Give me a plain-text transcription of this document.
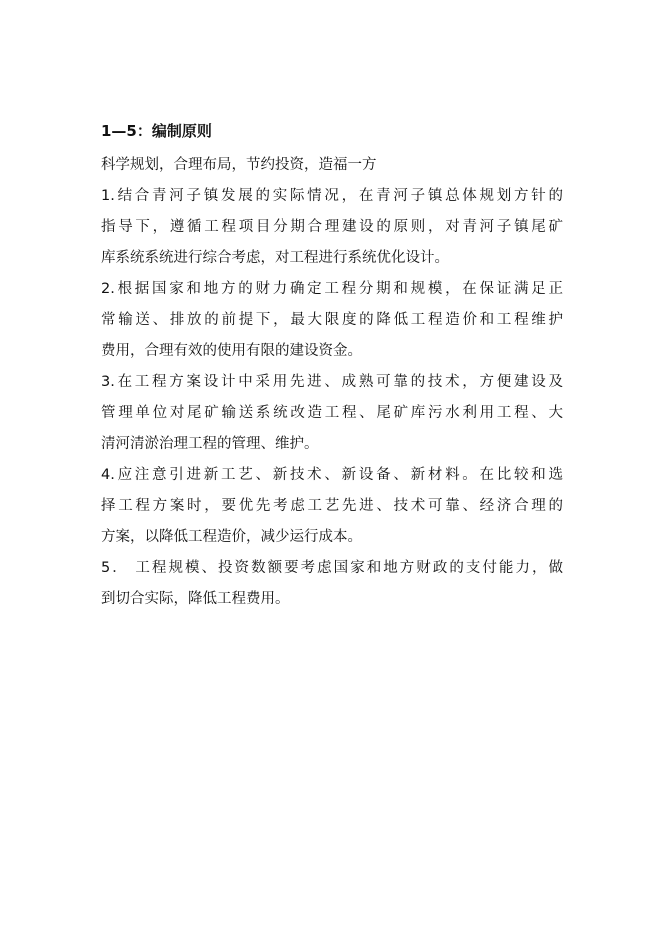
1—5：编制原则
科学规划，合理布局，节约投资，造福一方
1.结合青河子镇发展的实际情况，在青河子镇总体规划方针的
指导下，遵循工程项目分期合理建设的原则，对青河子镇尾矿
库系统系统进行综合考虑，对工程进行系统优化设计。
2.根据国家和地方的财力确定工程分期和规模，在保证满足正
常输送、排放的前提下，最大限度的降低工程造价和工程维护
费用，合理有效的使用有限的建设资金。
3.在工程方案设计中采用先进、成熟可靠的技术，方便建设及
管理单位对尾矿输送系统改造工程、尾矿库污水利用工程、大
清河清淤治理工程的管理、维护。
4.应注意引进新工艺、新技术、新设备、新材料。在比较和选
择工程方案时，要优先考虑工艺先进、技术可靠、经济合理的
方案，以降低工程造价，减少运行成本。
5． 工程规模、投资数额要考虑国家和地方财政的支付能力，做
到切合实际，降低工程费用。
